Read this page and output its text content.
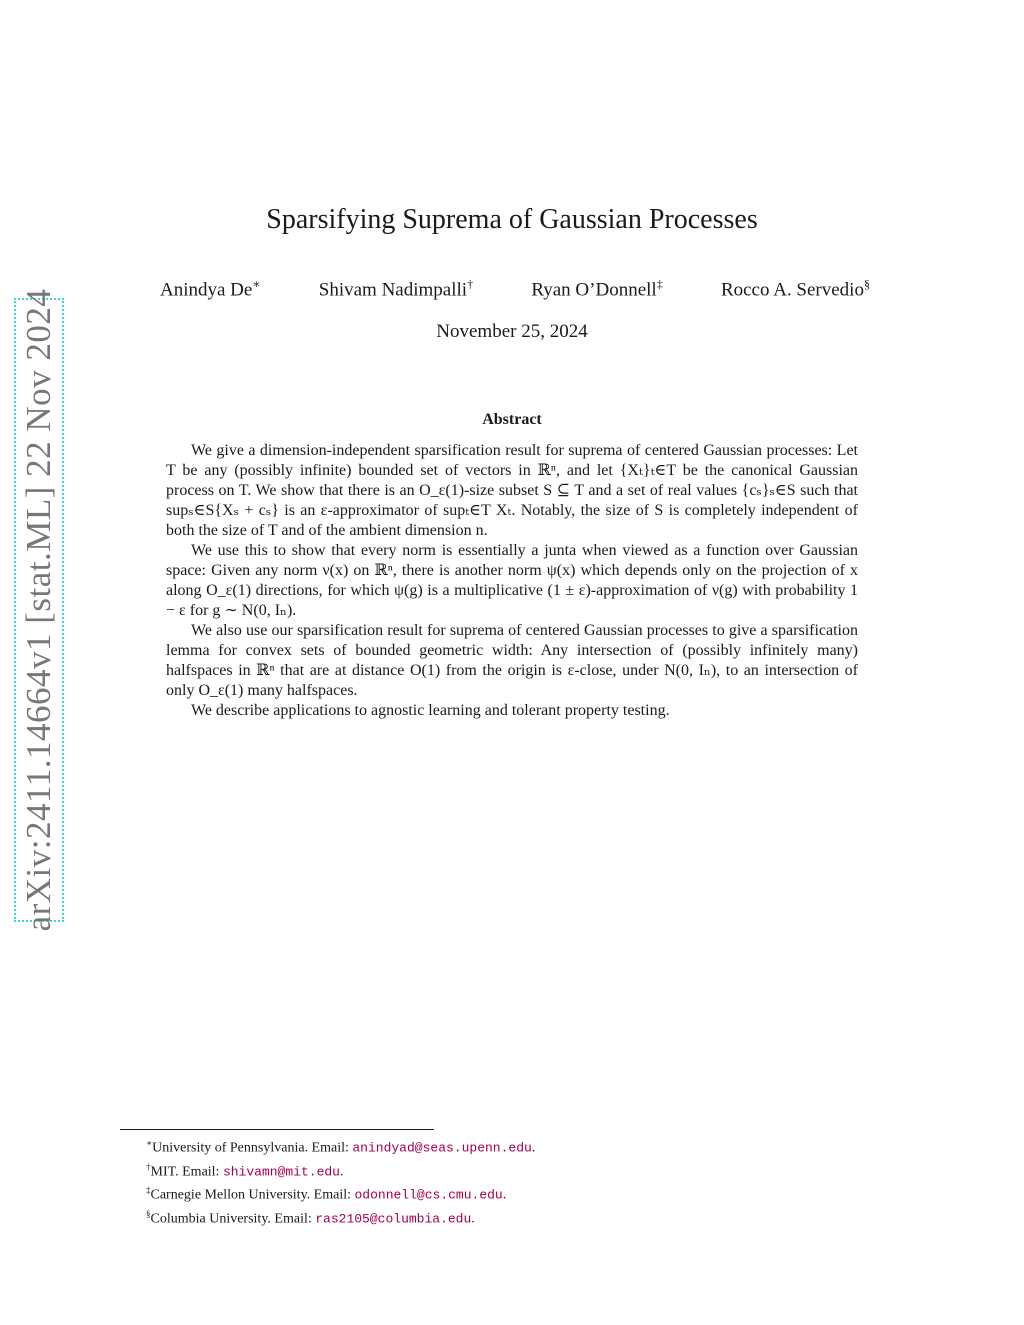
arXiv:2411.14664v1 [stat.ML] 22 Nov 2024
Sparsifying Suprema of Gaussian Processes
Anindya De∗	Shivam Nadimpalli†	Ryan O’Donnell‡	Rocco A. Servedio§
November 25, 2024
Abstract

We give a dimension-independent sparsification result for suprema of centered Gaussian processes: Let T be any (possibly infinite) bounded set of vectors in ℝⁿ, and let {Xₜ}ₜ∈T be the canonical Gaussian process on T. We show that there is an O_ε(1)-size subset S ⊆ T and a set of real values {cₛ}ₛ∈S such that supₛ∈S{Xₛ + cₛ} is an ε-approximator of supₜ∈T Xₜ. Notably, the size of S is completely independent of both the size of T and of the ambient dimension n.

We use this to show that every norm is essentially a junta when viewed as a function over Gaussian space: Given any norm ν(x) on ℝⁿ, there is another norm ψ(x) which depends only on the projection of x along O_ε(1) directions, for which ψ(g) is a multiplicative (1 ± ε)-approximation of ν(g) with probability 1 − ε for g ∼ N(0, Iₙ).

We also use our sparsification result for suprema of centered Gaussian processes to give a sparsification lemma for convex sets of bounded geometric width: Any intersection of (possibly infinitely many) halfspaces in ℝⁿ that are at distance O(1) from the origin is ε-close, under N(0, Iₙ), to an intersection of only O_ε(1) many halfspaces.

We describe applications to agnostic learning and tolerant property testing.

∗University of Pennsylvania. Email: anindyad@seas.upenn.edu.
†MIT. Email: shivamn@mit.edu.
‡Carnegie Mellon University. Email: odonnell@cs.cmu.edu.
§Columbia University. Email: ras2105@columbia.edu.
